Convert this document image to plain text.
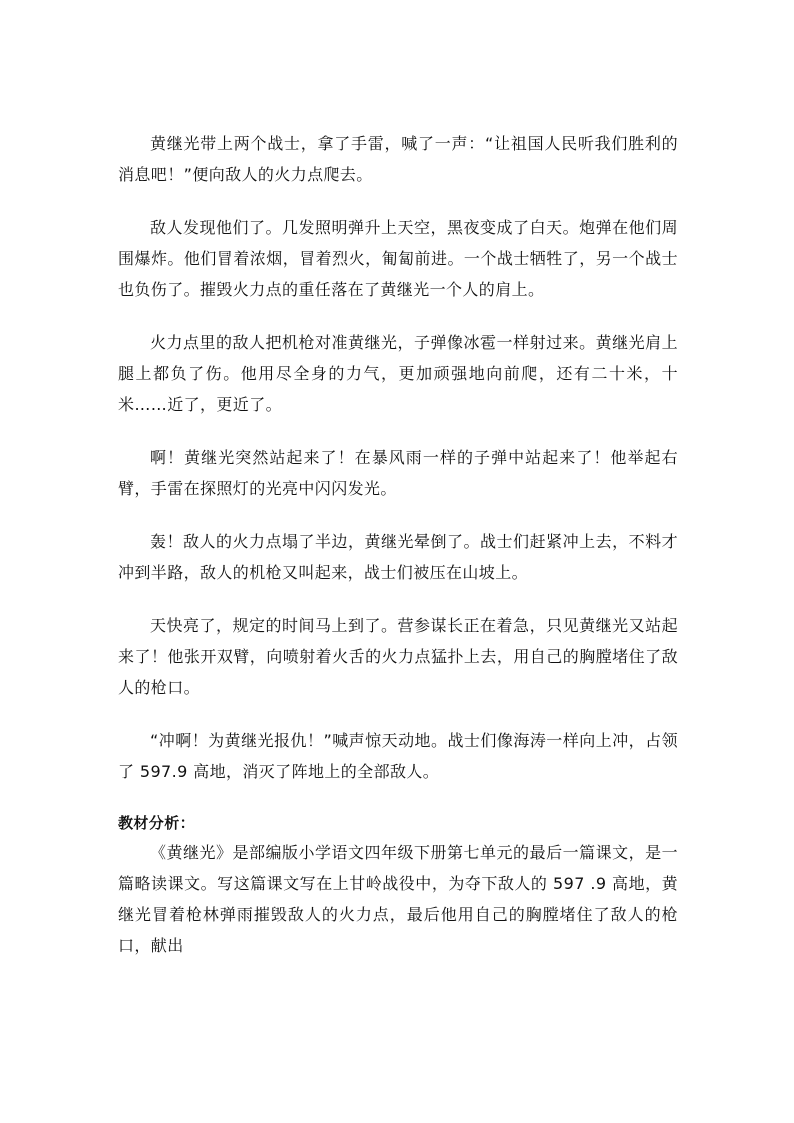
黄继光带上两个战士，拿了手雷，喊了一声：“让祖国人民听我们胜利的消息吧！”便向敌人的火力点爬去。

敌人发现他们了。几发照明弹升上天空，黑夜变成了白天。炮弹在他们周围爆炸。他们冒着浓烟，冒着烈火，匍匐前进。一个战士牺牲了，另一个战士也负伤了。摧毁火力点的重任落在了黄继光一个人的肩上。

火力点里的敌人把机枪对准黄继光，子弹像冰雹一样射过来。黄继光肩上腿上都负了伤。他用尽全身的力气，更加顽强地向前爬，还有二十米，十米……近了，更近了。

啊！黄继光突然站起来了！在暴风雨一样的子弹中站起来了！他举起右臂，手雷在探照灯的光亮中闪闪发光。

轰！敌人的火力点塌了半边，黄继光晕倒了。战士们赶紧冲上去，不料才冲到半路，敌人的机枪又叫起来，战士们被压在山坡上。

天快亮了，规定的时间马上到了。营参谋长正在着急，只见黄继光又站起来了！他张开双臂，向喷射着火舌的火力点猛扑上去，用自己的胸膛堵住了敌人的枪口。

“冲啊！为黄继光报仇！”喊声惊天动地。战士们像海涛一样向上冲，占领了 597.9 高地，消灭了阵地上的全部敌人。

教材分析：

《黄继光》是部编版小学语文四年级下册第七单元的最后一篇课文，是一篇略读课文。写这篇课文写在上甘岭战役中，为夺下敌人的 597 .9 高地，黄继光冒着枪林弹雨摧毁敌人的火力点，最后他用自己的胸膛堵住了敌人的枪口，献出
